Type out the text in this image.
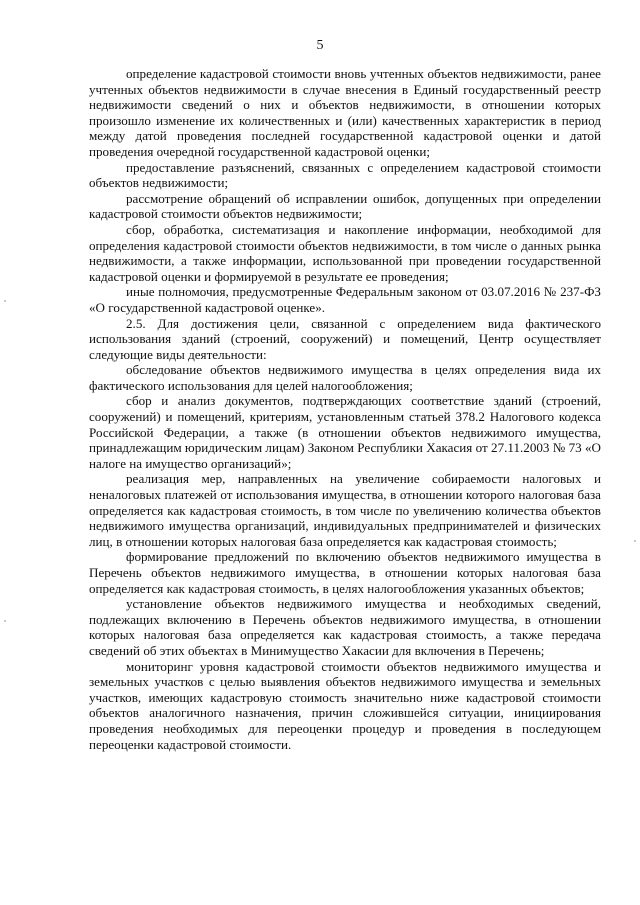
5

определение кадастровой стоимости вновь учтенных объектов недвижимости, ранее учтенных объектов недвижимости в случае внесения в Единый государственный реестр недвижимости сведений о них и объектов недвижимости, в отношении которых произошло изменение их количественных и (или) качественных характеристик в период между датой проведения последней государственной кадастровой оценки и датой проведения очередной государственной кадастровой оценки;

предоставление разъяснений, связанных с определением кадастровой стоимости объектов недвижимости;

рассмотрение обращений об исправлении ошибок, допущенных при определении кадастровой стоимости объектов недвижимости;

сбор, обработка, систематизация и накопление информации, необходимой для определения кадастровой стоимости объектов недвижимости, в том числе о данных рынка недвижимости, а также информации, использованной при проведении государственной кадастровой оценки и формируемой в результате ее проведения;

иные полномочия, предусмотренные Федеральным законом от 03.07.2016 № 237-ФЗ «О государственной кадастровой оценке».

2.5. Для достижения цели, связанной с определением вида фактического использования зданий (строений, сооружений) и помещений, Центр осуществляет следующие виды деятельности:

обследование объектов недвижимого имущества в целях определения вида их фактического использования для целей налогообложения;

сбор и анализ документов, подтверждающих соответствие зданий (строений, сооружений) и помещений, критериям, установленным статьей 378.2 Налогового кодекса Российской Федерации, а также (в отношении объектов недвижимого имущества, принадлежащим юридическим лицам) Законом Республики Хакасия от 27.11.2003 № 73 «О налоге на имущество организаций»;

реализация мер, направленных на увеличение собираемости налоговых и неналоговых платежей от использования имущества, в отношении которого налоговая база определяется как кадастровая стоимость, в том числе по увеличению количества объектов недвижимого имущества организаций, индивидуальных предпринимателей и физических лиц, в отношении которых налоговая база определяется как кадастровая стоимость;

формирование предложений по включению объектов недвижимого имущества в Перечень объектов недвижимого имущества, в отношении которых налоговая база определяется как кадастровая стоимость, в целях налогообложения указанных объектов;

установление объектов недвижимого имущества и необходимых сведений, подлежащих включению в Перечень объектов недвижимого имущества, в отношении которых налоговая база определяется как кадастровая стоимость, а также передача сведений об этих объектах в Минимущество Хакасии для включения в Перечень;

мониторинг уровня кадастровой стоимости объектов недвижимого имущества и земельных участков с целью выявления объектов недвижимого имущества и земельных участков, имеющих кадастровую стоимость значительно ниже кадастровой стоимости объектов аналогичного назначения, причин сложившейся ситуации, инициирования проведения необходимых для переоценки процедур и проведения в последующем переоценки кадастровой стоимости.
